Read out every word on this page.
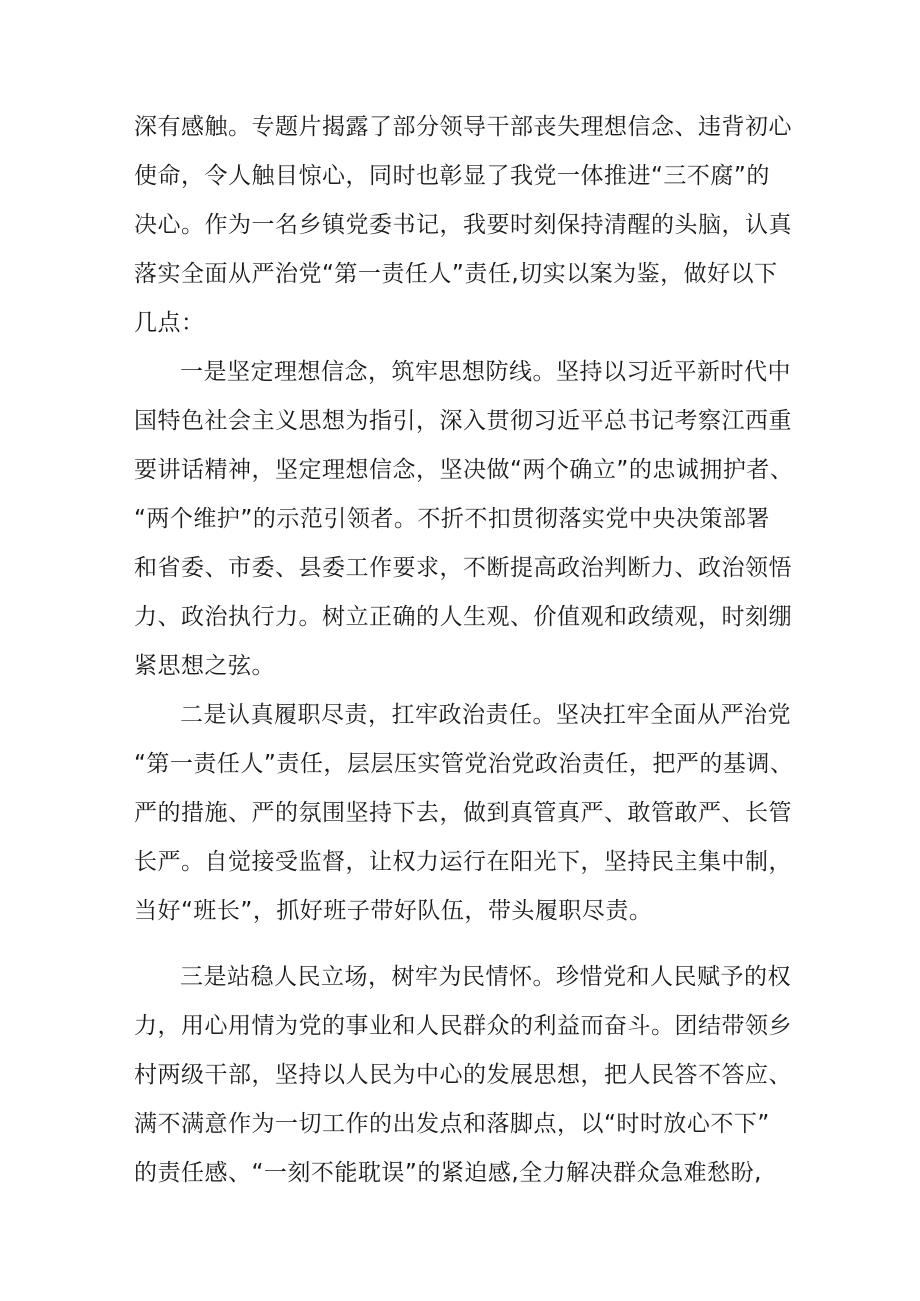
深有感触。专题片揭露了部分领导干部丧失理想信念、违背初心
使命，令人触目惊心，同时也彰显了我党一体推进“三不腐”的
决心。作为一名乡镇党委书记，我要时刻保持清醒的头脑，认真
落实全面从严治党“第一责任人”责任,切实以案为鉴，做好以下
几点：
一是坚定理想信念，筑牢思想防线。坚持以习近平新时代中
国特色社会主义思想为指引，深入贯彻习近平总书记考察江西重
要讲话精神，坚定理想信念，坚决做“两个确立”的忠诚拥护者、
“两个维护”的示范引领者。不折不扣贯彻落实党中央决策部署
和省委、市委、县委工作要求，不断提高政治判断力、政治领悟
力、政治执行力。树立正确的人生观、价值观和政绩观，时刻绷
紧思想之弦。
二是认真履职尽责，扛牢政治责任。坚决扛牢全面从严治党
“第一责任人”责任，层层压实管党治党政治责任，把严的基调、
严的措施、严的氛围坚持下去，做到真管真严、敢管敢严、长管
长严。自觉接受监督，让权力运行在阳光下，坚持民主集中制，
当好“班长”，抓好班子带好队伍，带头履职尽责。
三是站稳人民立场，树牢为民情怀。珍惜党和人民赋予的权
力，用心用情为党的事业和人民群众的利益而奋斗。团结带领乡
村两级干部，坚持以人民为中心的发展思想，把人民答不答应、
满不满意作为一切工作的出发点和落脚点，以“时时放心不下”
的责任感、“一刻不能耽误”的紧迫感,全力解决群众急难愁盼,
